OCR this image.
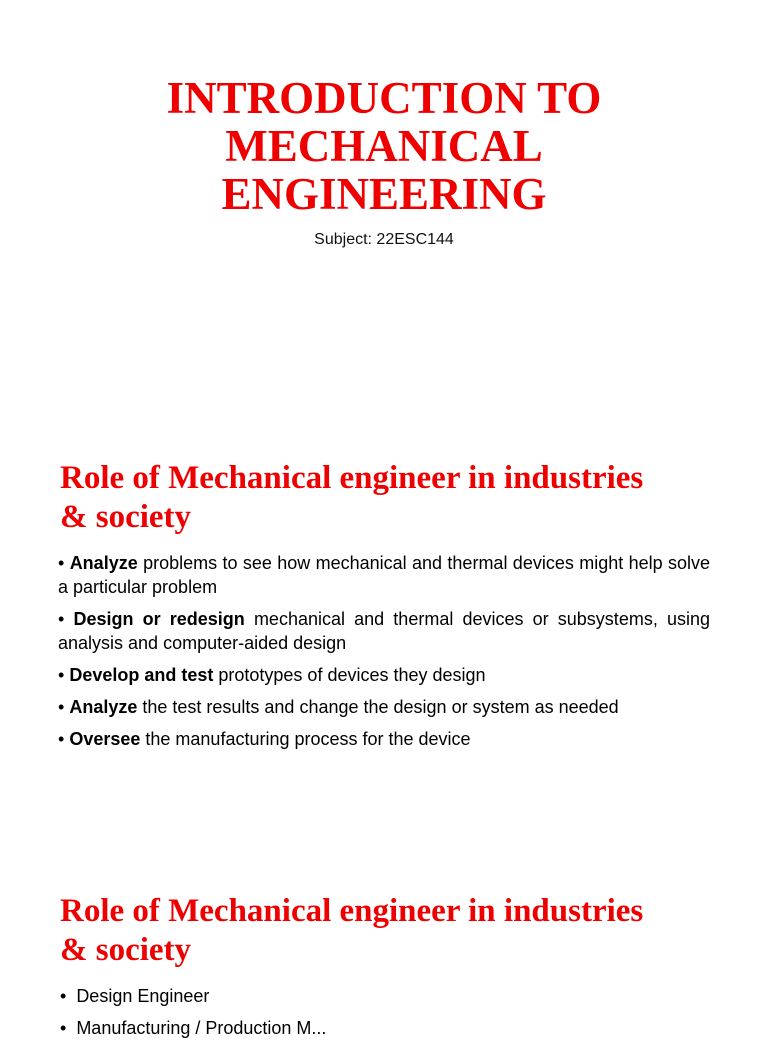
INTRODUCTION TO
MECHANICAL
ENGINEERING
Subject: 22ESC144
Role of Mechanical engineer in industries
& society
• Analyze problems to see how mechanical and thermal devices might help solve a particular problem
• Design or redesign mechanical and thermal devices or subsystems, using analysis and computer-aided design
• Develop and test prototypes of devices they design
• Analyze the test results and change the design or system as needed
• Oversee the manufacturing process for the device
Role of Mechanical engineer in industries
& society
•  Design Engineer
•  Manufacturing / Production M...
